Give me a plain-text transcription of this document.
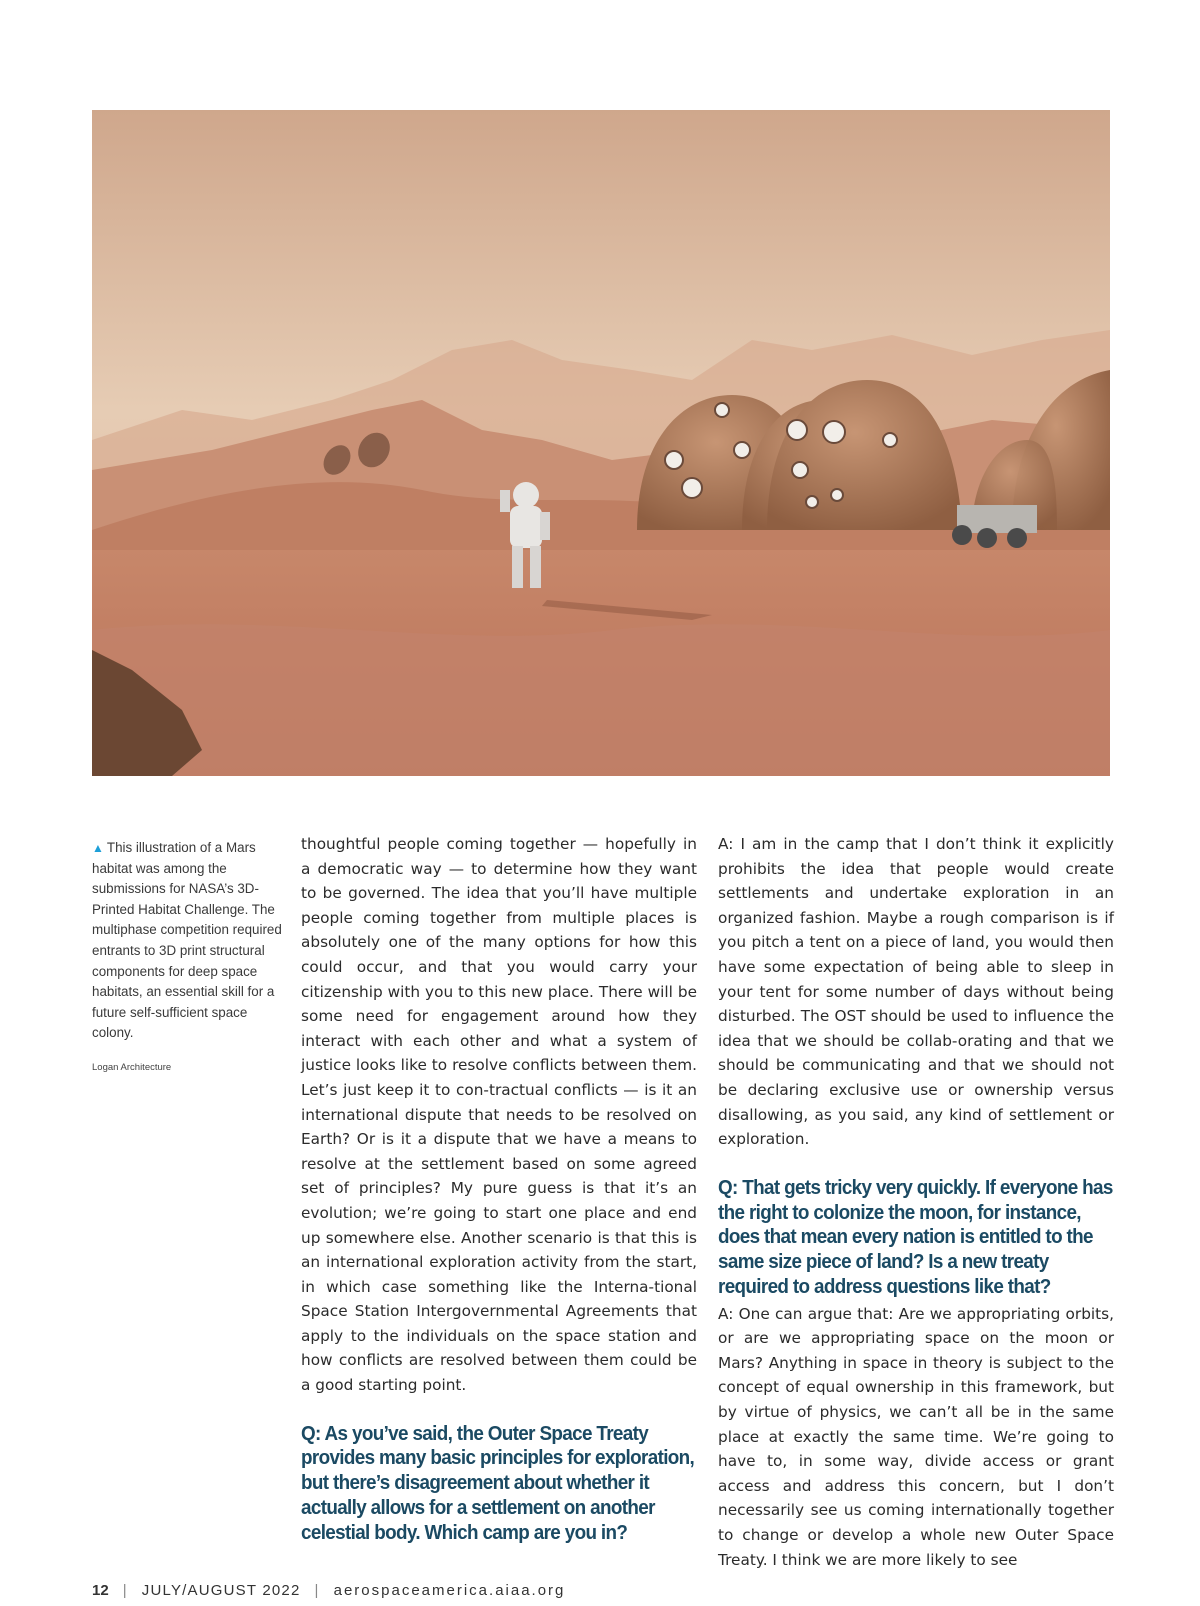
▲ This illustration of a Mars habitat was among the submissions for NASA’s 3D-Printed Habitat Challenge. The multiphase competition required entrants to 3D print structural components for deep space habitats, an essential skill for a future self-sufficient space colony.
Logan Architecture

thoughtful people coming together — hopefully in a democratic way — to determine how they want to be governed. The idea that you’ll have multiple people coming together from multiple places is absolutely one of the many options for how this could occur, and that you would carry your citizenship with you to this new place. There will be some need for engagement around how they interact with each other and what a system of justice looks like to resolve conflicts between them. Let’s just keep it to con-tractual conflicts — is it an international dispute that needs to be resolved on Earth? Or is it a dispute that we have a means to resolve at the settlement based on some agreed set of principles? My pure guess is that it’s an evolution; we’re going to start one place and end up somewhere else. Another scenario is that this is an international exploration activity from the start, in which case something like the Interna-tional Space Station Intergovernmental Agreements that apply to the individuals on the space station and how conflicts are resolved between them could be a good starting point.

Q: As you’ve said, the Outer Space Treaty provides many basic principles for exploration, but there’s disagreement about whether it actually allows for a settlement on another celestial body. Which camp are you in?

A: I am in the camp that I don’t think it explicitly prohibits the idea that people would create settlements and undertake exploration in an organized fashion. Maybe a rough comparison is if you pitch a tent on a piece of land, you would then have some expectation of being able to sleep in your tent for some number of days without being disturbed. The OST should be used to influence the idea that we should be collab-orating and that we should be communicating and that we should not be declaring exclusive use or ownership versus disallowing, as you said, any kind of settlement or exploration.

Q: That gets tricky very quickly. If everyone has the right to colonize the moon, for instance, does that mean every nation is entitled to the same size piece of land? Is a new treaty required to address questions like that?

A: One can argue that: Are we appropriating orbits, or are we appropriating space on the moon or Mars? Anything in space in theory is subject to the concept of equal ownership in this framework, but by virtue of physics, we can’t all be in the same place at exactly the same time. We’re going to have to, in some way, divide access or grant access and address this concern, but I don’t necessarily see us coming internationally together to change or develop a whole new Outer Space Treaty. I think we are more likely to see

12 | JULY/AUGUST 2022 | aerospaceamerica.aiaa.org
